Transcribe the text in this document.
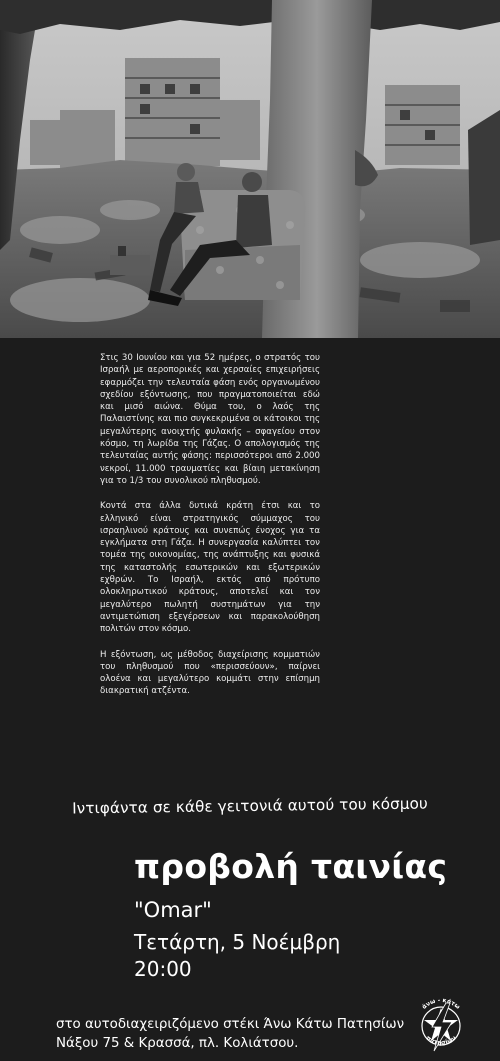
Στις 30 Ιουνίου και για 52 ημέρες, ο στρατός του Ισραήλ με αεροπορικές και χερσαίες επιχειρήσεις εφαρμόζει την τελευταία φάση ενός οργανωμένου σχεδίου εξόντωσης, που πραγματοποιείται εδώ και μισό αιώνα. Θύμα του, ο λαός της Παλαιστίνης και πιο συγκεκριμένα οι κάτοικοι της μεγαλύτερης ανοιχτής φυλακής – σφαγείου στον κόσμο, τη λωρίδα της Γάζας. Ο απολογισμός της τελευταίας αυτής φάσης: περισσότεροι από 2.000 νεκροί, 11.000 τραυματίες και βίαιη μετακίνηση για το 1/3 του συνολικού πληθυσμού.

Κοντά στα άλλα δυτικά κράτη έτσι και το ελληνικό είναι στρατηγικός σύμμαχος του ισραηλινού κράτους και συνεπώς ένοχος για τα εγκλήματα στη Γάζα. Η συνεργασία καλύπτει τον τομέα της οικονομίας, της ανάπτυξης και φυσικά της καταστολής εσωτερικών και εξωτερικών εχθρών. Το Ισραήλ, εκτός από πρότυπο ολοκληρωτικού κράτους, αποτελεί και τον μεγαλύτερο πωλητή συστημάτων για την αντιμετώπιση εξεγέρσεων και παρακολούθηση πολιτών στον κόσμο.

Η εξόντωση, ως μέθοδος διαχείρισης κομματιών του πληθυσμού που «περισσεύουν», παίρνει ολοένα και μεγαλύτερο κομμάτι στην επίσημη διακρατική ατζέντα.

Ιντιφάντα σε κάθε γειτονιά αυτού του κόσμου
προβολή ταινίας
"Omar"
Τετάρτη, 5 Νοέμβρη
20:00
στο αυτοδιαχειριζόμενο στέκι Άνω Κάτω Πατησίων
Νάξου 75 & Κρασσά, πλ. Κολιάτσου.
άνω - κάτω
πατησίων
